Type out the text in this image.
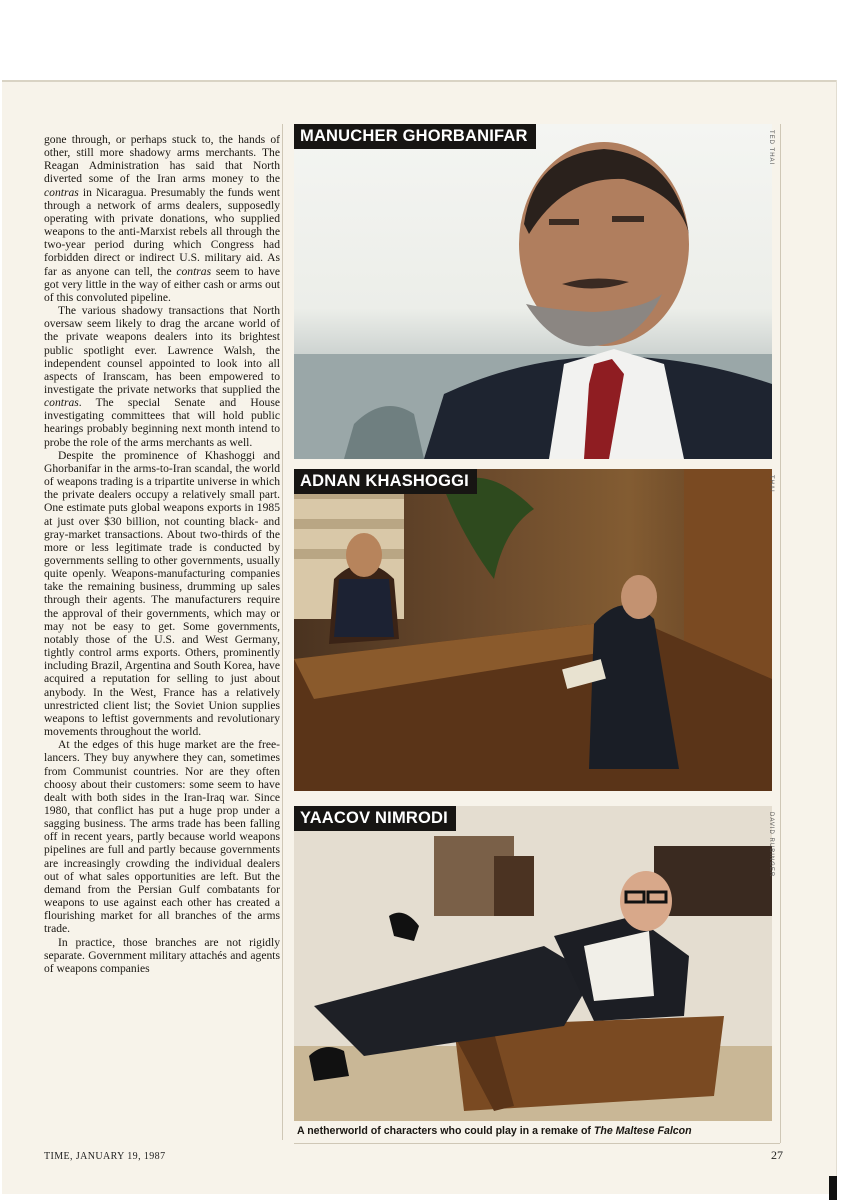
gone through, or perhaps stuck to, the hands of other, still more shadowy arms merchants. The Reagan Administration has said that North diverted some of the Iran arms money to the contras in Nicaragua. Presumably the funds went through a network of arms dealers, supposedly operating with private donations, who supplied weapons to the anti-Marxist rebels all through the two-year period during which Congress had forbidden direct or indirect U.S. military aid. As far as anyone can tell, the contras seem to have got very little in the way of either cash or arms out of this convoluted pipeline.

The various shadowy transactions that North oversaw seem likely to drag the arcane world of the private weapons dealers into its brightest public spotlight ever. Lawrence Walsh, the independent counsel appointed to look into all aspects of Iranscam, has been empowered to investigate the private networks that supplied the contras. The special Senate and House investigating committees that will hold public hearings probably beginning next month intend to probe the role of the arms merchants as well.

Despite the prominence of Khashoggi and Ghorbanifar in the arms-to-Iran scandal, the world of weapons trading is a tripartite universe in which the private dealers occupy a relatively small part. One estimate puts global weapons exports in 1985 at just over $30 billion, not counting black- and gray-market transactions. About two-thirds of the more or less legitimate trade is conducted by governments selling to other governments, usually quite openly. Weapons-manufacturing companies take the remaining business, drumming up sales through their agents. The manufacturers require the approval of their governments, which may or may not be easy to get. Some governments, notably those of the U.S. and West Germany, tightly control arms exports. Others, prominently including Brazil, Argentina and South Korea, have acquired a reputation for selling to just about anybody. In the West, France has a relatively unrestricted client list; the Soviet Union supplies weapons to leftist governments and revolutionary movements throughout the world.

At the edges of this huge market are the free-lancers. They buy anywhere they can, sometimes from Communist countries. Nor are they often choosy about their customers: some seem to have dealt with both sides in the Iran-Iraq war. Since 1980, that conflict has put a huge prop under a sagging business. The arms trade has been falling off in recent years, partly because world weapons pipelines are full and partly because governments are increasingly crowding the individual dealers out of what sales opportunities are left. But the demand from the Persian Gulf combatants for weapons to use against each other has created a flourishing market for all branches of the arms trade.

In practice, those branches are not rigidly separate. Government military attachés and agents of weapons companies

MANUCHER GHORBANIFAR	TED THAI
ADNAN KHASHOGGI	THAI
YAACOV NIMRODI	DAVID RUBINGER
A netherworld of characters who could play in a remake of The Maltese Falcon
TIME, JANUARY 19, 1987	27
